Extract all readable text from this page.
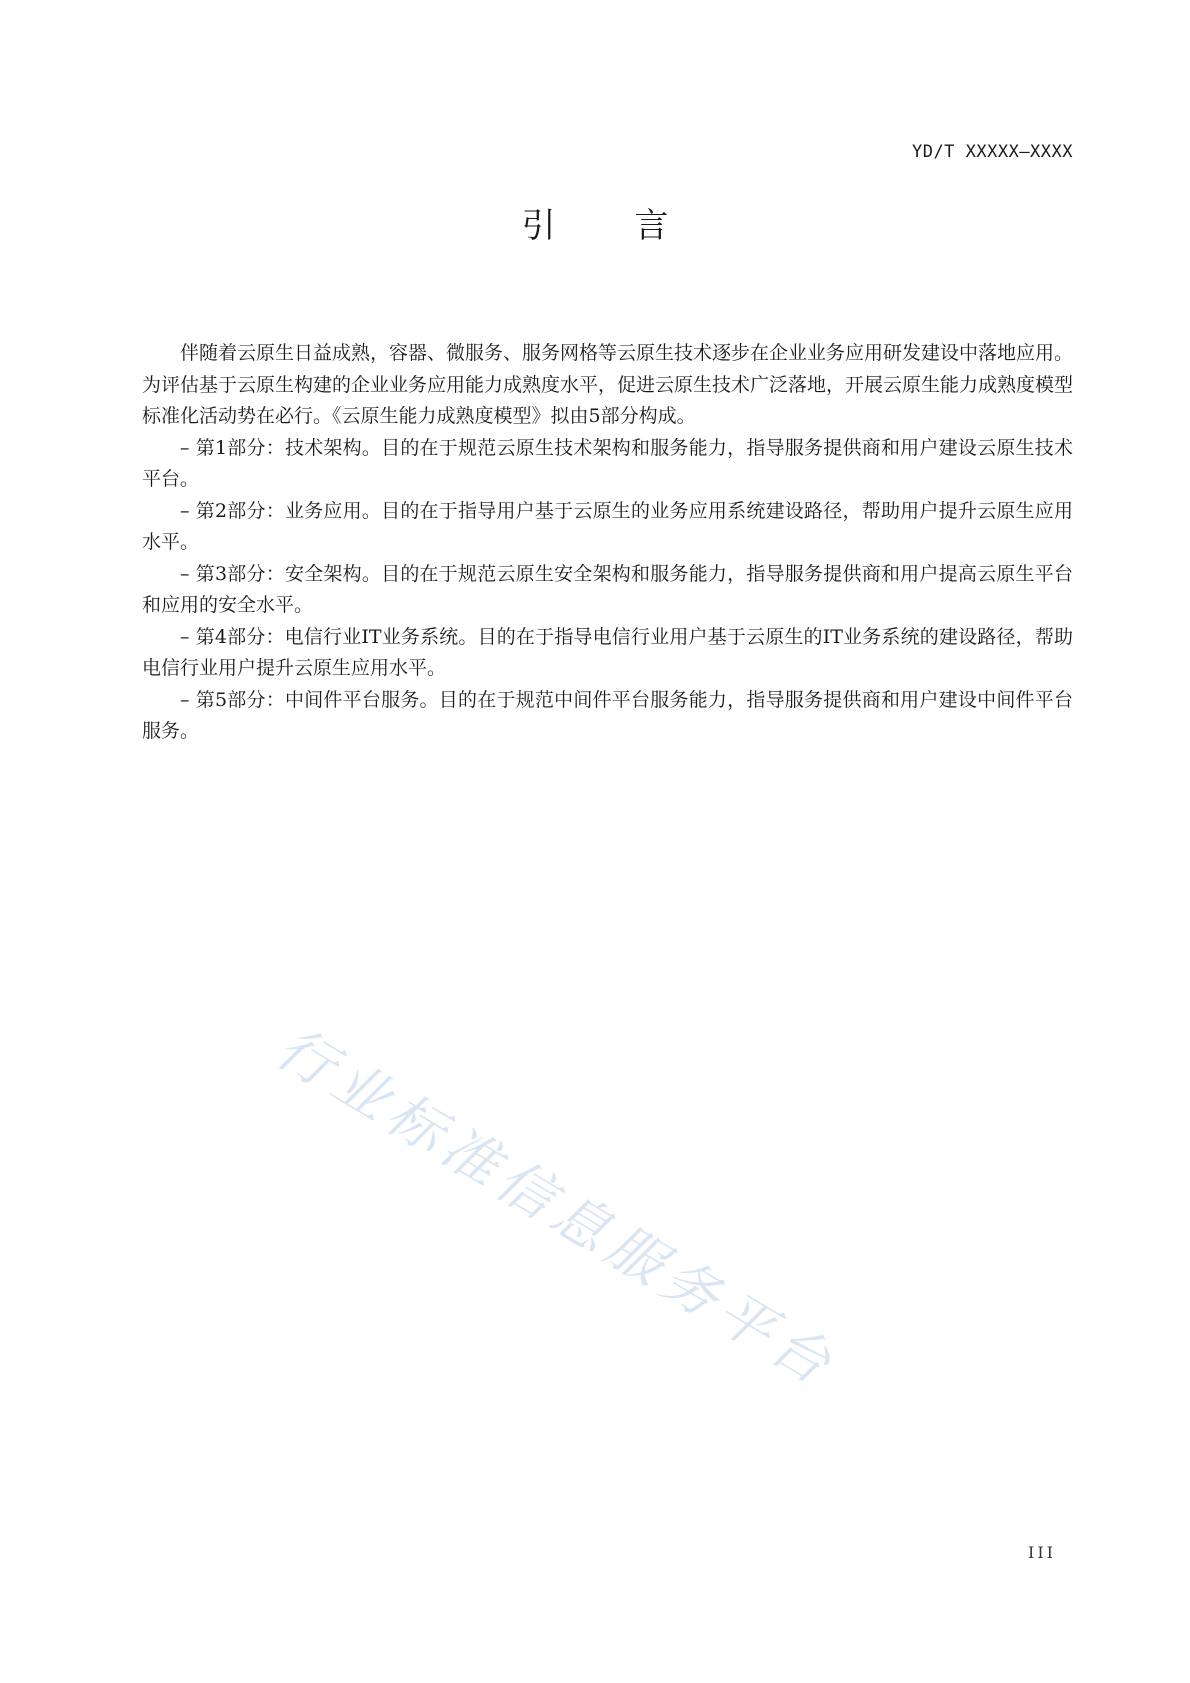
YD/T XXXXX—XXXX
引 言

伴随着云原生日益成熟，容器、微服务、服务网格等云原生技术逐步在企业业务应用研发建设中落地应用。为评估基于云原生构建的企业业务应用能力成熟度水平，促进云原生技术广泛落地，开展云原生能力成熟度模型标准化活动势在必行。《云原生能力成熟度模型》拟由5部分构成。

– 第1部分：技术架构。目的在于规范云原生技术架构和服务能力，指导服务提供商和用户建设云原生技术平台。

– 第2部分：业务应用。目的在于指导用户基于云原生的业务应用系统建设路径，帮助用户提升云原生应用水平。

– 第3部分：安全架构。目的在于规范云原生安全架构和服务能力，指导服务提供商和用户提高云原生平台和应用的安全水平。

– 第4部分：电信行业IT业务系统。目的在于指导电信行业用户基于云原生的IT业务系统的建设路径，帮助电信行业用户提升云原生应用水平。

– 第5部分：中间件平台服务。目的在于规范中间件平台服务能力，指导服务提供商和用户建设中间件平台服务。

行业标准信息服务平台
III
